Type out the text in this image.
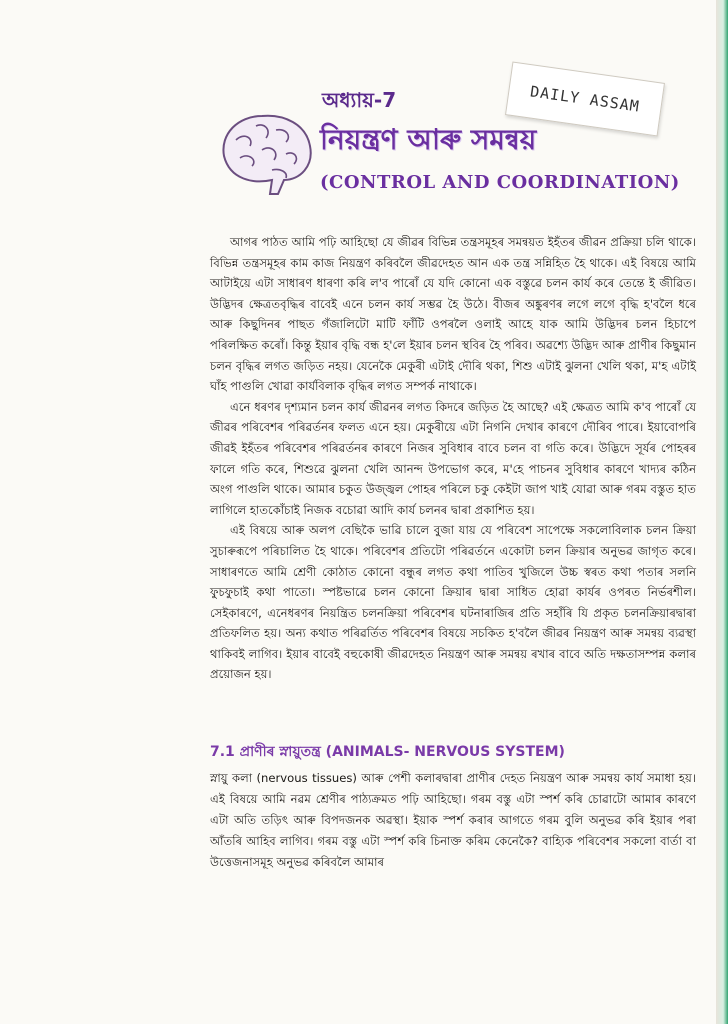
অধ্যায়-7
নিয়ন্ত্ৰণ আৰু সমন্বয়
(CONTROL AND COORDINATION)
DAILY ASSAM

আগৰ পাঠত আমি পঢ়ি আহিছো যে জীৱৰ বিভিন্ন তন্ত্ৰসমূহৰ সমন্বয়ত ইহঁতৰ জীৱন প্ৰক্ৰিয়া চলি থাকে। বিভিন্ন তন্ত্ৰসমূহৰ কাম কাজ নিয়ন্ত্ৰণ কৰিবলৈ জীৱদেহত আন এক তন্ত্ৰ সন্নিহিত হৈ থাকে। এই বিষয়ে আমি আটাইয়ে এটা সাধাৰণ ধাৰণা কৰি ল'ব পাৰোঁ যে যদি কোনো এক বস্তুৱে চলন কাৰ্য কৰে তেন্তে ই জীৱিত। উদ্ভিদৰ ক্ষেত্ৰতবৃদ্ধিৰ বাবেই এনে চলন কাৰ্য সম্ভৱ হৈ উঠে। বীজৰ অঙ্কুৰণৰ লগে লগে বৃদ্ধি হ'বলৈ ধৰে আৰু কিছুদিনৰ পাছত গঁজালিটো মাটি ফাঁটি ওপৰলৈ ওলাই আহে যাক আমি উদ্ভিদৰ চলন হিচাপে পৰিলক্ষিত কৰোঁ। কিন্তু ইয়াৰ বৃদ্ধি বন্ধ হ'লে ইয়াৰ চলন স্থবিৰ হৈ পৰিব। অৱশ্যে উদ্ভিদ আৰু প্ৰাণীৰ কিছুমান চলন বৃদ্ধিৰ লগত জড়িত নহয়। যেনেকৈ মেকুৰী এটাই দৌৰি থকা, শিশু এটাই ঝুলনা খেলি থকা, ম'হ এটাই ঘাঁহ পাগুলি খোৱা কাৰ্যবিলাক বৃদ্ধিৰ লগত সম্পৰ্ক নাথাকে।

এনে ধৰণৰ দৃশ্যমান চলন কাৰ্য জীৱনৰ লগত কিদৰে জড়িত হৈ আছে? এই ক্ষেত্ৰত আমি ক'ব পাৰোঁ যে জীৱৰ পৰিবেশৰ পৰিৱৰ্তনৰ ফলত এনে হয়। মেকুৰীয়ে এটা নিগনি দেখাৰ কাৰণে দৌৰিব পাৰে। ইয়াবোপৰি জীৱই ইহঁতৰ পৰিবেশৰ পৰিৱৰ্তনৰ কাৰণে নিজৰ সুবিধাৰ বাবে চলন বা গতি কৰে। উদ্ভিদে সূৰ্যৰ পোহৰৰ ফালে গতি কৰে, শিশুৱে ঝুলনা খেলি আনন্দ উপভোগ কৰে, ম'হে পাচনৰ সুবিধাৰ কাৰণে খাদ্যৰ কঠিন অংগ পাগুলি থাকে। আমাৰ চকুত উজ্জ্বল পোহৰ পৰিলে চকু কেইটা জাপ খাই যোৱা আৰু গৰম বস্তুত হাত লাগিলে হাতকোঁচাই নিজক বচোৱা আদি কাৰ্য চলনৰ দ্বাৰা প্ৰকাশিত হয়।

এই বিষয়ে আৰু অলপ বেছিকৈ ভাৱি চালে বুজা যায় যে পৰিবেশ সাপেক্ষে সকলোবিলাক চলন ক্ৰিয়া সুচাৰুৰূপে পৰিচালিত হৈ থাকে। পৰিবেশৰ প্ৰতিটো পৰিৱৰ্তনে একোটা চলন ক্ৰিয়াৰ অনুভৱ জাগৃত কৰে। সাধাৰণতে আমি শ্ৰেণী কোঠাত কোনো বন্ধুৰ লগত কথা পাতিব খুজিলে উচ্চ স্বৰত কথা পতাৰ সলনি ফুচফুচাই কথা পাতো। স্পষ্টভাৱে চলন কোনো ক্ৰিয়াৰ দ্বাৰা সাধিত হোৱা কাৰ্যৰ ওপৰত নিৰ্ভৰশীল। সেইকাৰণে, এনেধৰণৰ নিয়ন্ত্ৰিত চলনক্ৰিয়া পৰিবেশৰ ঘটনাৰাজিৰ প্ৰতি সহাঁৰি যি প্ৰকৃত চলনক্ৰিয়াৰদ্বাৰা প্ৰতিফলিত হয়। অন্য কথাত পৰিৱৰ্তিত পৰিবেশৰ বিষয়ে সচকিত হ'বলৈ জীৱৰ নিয়ন্ত্ৰণ আৰু সমন্বয় ব্যৱস্থা থাকিবই লাগিব। ইয়াৰ বাবেই বহুকোষী জীৱদেহত নিয়ন্ত্ৰণ আৰু সমন্বয় ৰখাৰ বাবে অতি দক্ষতাসম্পন্ন কলাৰ প্ৰয়োজন হয়।

7.1 প্ৰাণীৰ স্নায়ুতন্ত্ৰ (ANIMALS- NERVOUS SYSTEM)

স্নায়ু কলা (nervous tissues) আৰু পেশী কলাৰদ্বাৰা প্ৰাণীৰ দেহত নিয়ন্ত্ৰণ আৰু সমন্বয় কাৰ্য সমাধা হয়। এই বিষয়ে আমি নৱম শ্ৰেণীৰ পাঠ্যক্ৰমত পঢ়ি আহিছো। গৰম বস্তু এটা স্পৰ্শ কৰি চোৱাটো আমাৰ কাৰণে এটা অতি তড়িৎ আৰু বিপদজনক অৱস্থা। ইয়াক স্পৰ্শ কৰাৰ আগতে গৰম বুলি অনুভৱ কৰি ইয়াৰ পৰা আঁতৰি আহিব লাগিব। গৰম বস্তু এটা স্পৰ্শ কৰি চিনাক্ত কৰিম কেনেকৈ? বাহ্যিক পৰিবেশৰ সকলো বাৰ্তা বা উত্তেজনাসমূহ অনুভৱ কৰিবলৈ আমাৰ
